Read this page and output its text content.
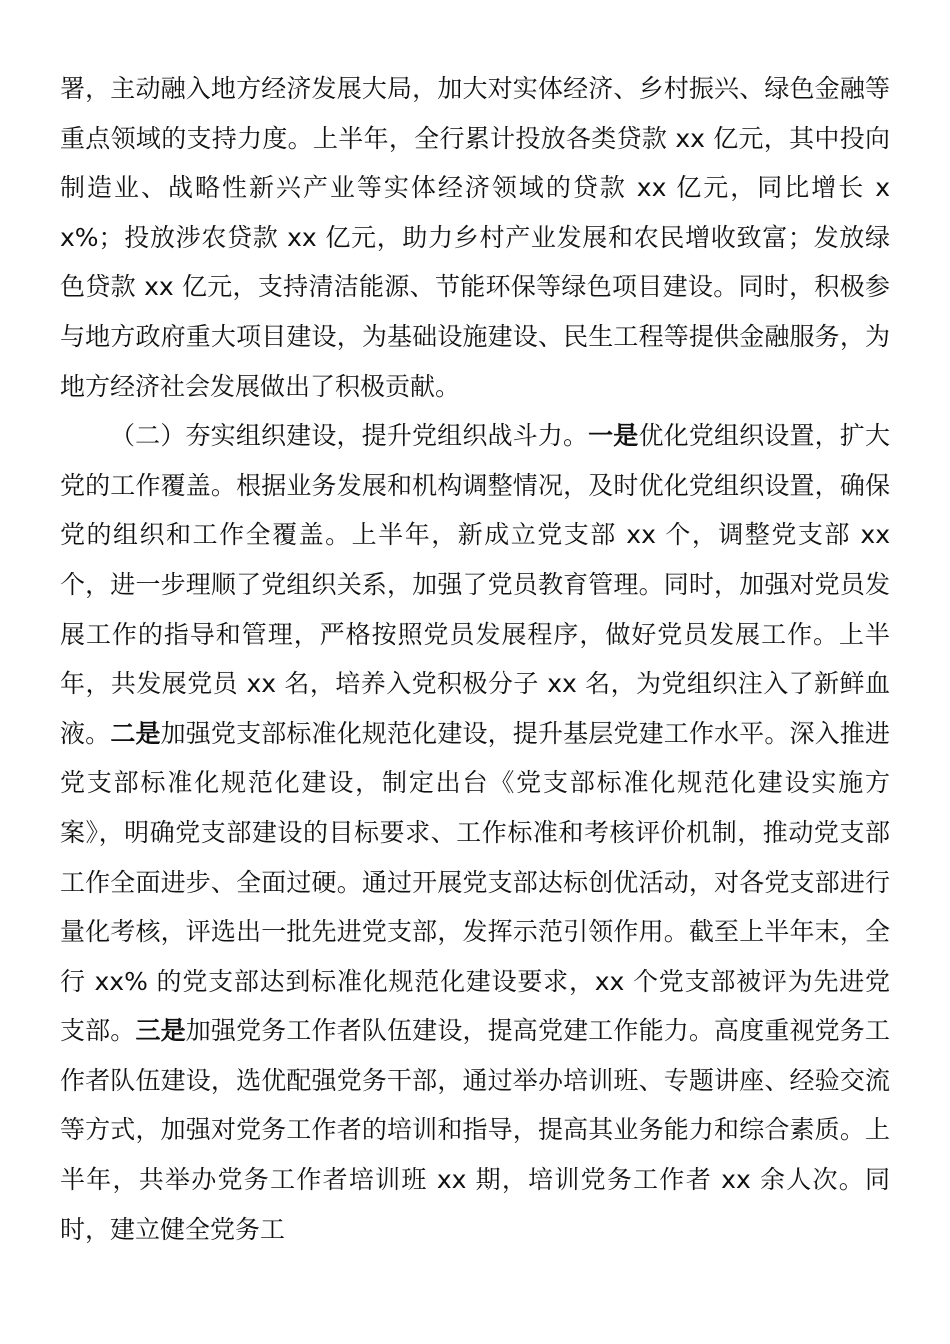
署，主动融入地方经济发展大局，加大对实体经济、乡村振兴、绿色金融等重点领域的支持力度。上半年，全行累计投放各类贷款 xx 亿元，其中投向制造业、战略性新兴产业等实体经济领域的贷款 xx 亿元，同比增长 xx%；投放涉农贷款 xx 亿元，助力乡村产业发展和农民增收致富；发放绿色贷款 xx 亿元，支持清洁能源、节能环保等绿色项目建设。同时，积极参与地方政府重大项目建设，为基础设施建设、民生工程等提供金融服务，为地方经济社会发展做出了积极贡献。

（二）夯实组织建设，提升党组织战斗力。一是优化党组织设置，扩大党的工作覆盖。根据业务发展和机构调整情况，及时优化党组织设置，确保党的组织和工作全覆盖。上半年，新成立党支部 xx 个，调整党支部 xx 个，进一步理顺了党组织关系，加强了党员教育管理。同时，加强对党员发展工作的指导和管理，严格按照党员发展程序，做好党员发展工作。上半年，共发展党员 xx 名，培养入党积极分子 xx 名，为党组织注入了新鲜血液。二是加强党支部标准化规范化建设，提升基层党建工作水平。深入推进党支部标准化规范化建设，制定出台《党支部标准化规范化建设实施方案》，明确党支部建设的目标要求、工作标准和考核评价机制，推动党支部工作全面进步、全面过硬。通过开展党支部达标创优活动，对各党支部进行量化考核，评选出一批先进党支部，发挥示范引领作用。截至上半年末，全行 xx% 的党支部达到标准化规范化建设要求，xx 个党支部被评为先进党支部。三是加强党务工作者队伍建设，提高党建工作能力。高度重视党务工作者队伍建设，选优配强党务干部，通过举办培训班、专题讲座、经验交流等方式，加强对党务工作者的培训和指导，提高其业务能力和综合素质。上半年，共举办党务工作者培训班 xx 期，培训党务工作者 xx 余人次。同时，建立健全党务工
